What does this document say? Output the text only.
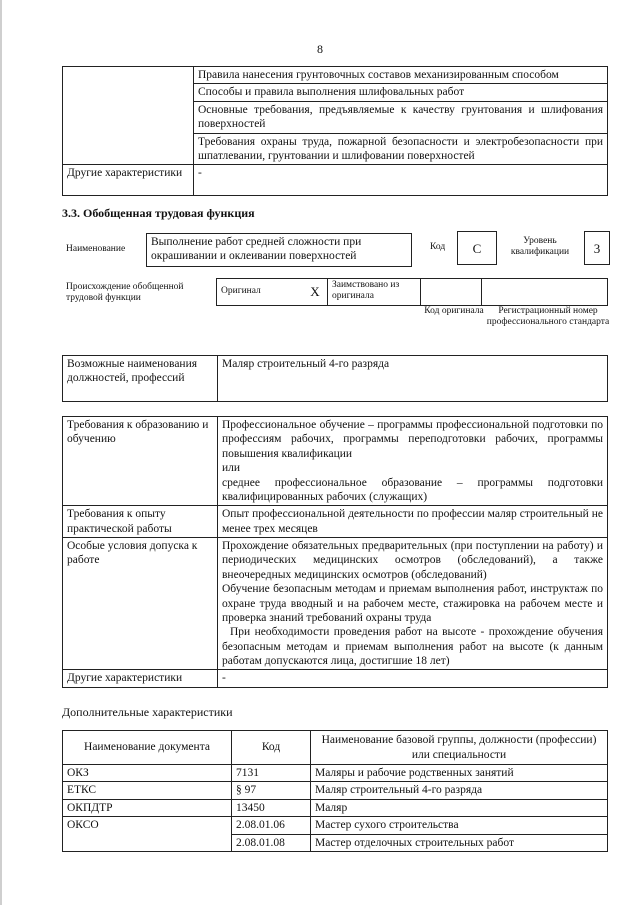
8
	Правила нанесения грунтовочных составов механизированным способом
	Способы и правила выполнения шлифовальных работ
	Основные требования, предъявляемые к качеству грунтования и шлифования поверхностей
	Требования охраны труда, пожарной безопасности и электробезопасности при шпатлевании, грунтовании и шлифовании поверхностей
Другие характеристики	-
3.3. Обобщенная трудовая функция
Наименование
Выполнение работ средней сложности при окрашивании и оклеивании поверхностей
Код	C	Уровень квалификации	3
Происхождение обобщенной трудовой функции
Оригинал	X	Заимствовано из оригинала		
Код оригинала	Регистрационный номер профессионального стандарта
Возможные наименования должностей, профессий	Маляр строительный 4-го разряда
Требования к образованию и обучению	Профессиональное обучение – программы профессиональной подготовки по профессиям рабочих, программы переподготовки рабочих, программы повышения квалификации
или
среднее профессиональное образование – программы подготовки квалифицированных рабочих (служащих)

Требования к опыту практической работы	Опыт профессиональной деятельности по профессии маляр строительный не менее трех месяцев
Особые условия допуска к работе	Прохождение обязательных предварительных (при поступлении на работу) и периодических медицинских осмотров (обследований), а также внеочередных медицинских осмотров (обследований)
Обучение безопасным методам и приемам выполнения работ, инструктаж по охране труда вводный и на рабочем месте, стажировка на рабочем месте и проверка знаний требований охраны труда
При необходимости проведения работ на высоте - прохождение обучения безопасным методам и приемам выполнения работ на высоте (к данным работам допускаются лица, достигшие 18 лет)

Другие характеристики	-
Дополнительные характеристики
Наименование документа	Код	Наименование базовой группы, должности (профессии) или специальности
ОКЗ	7131	Маляры и рабочие родственных занятий
ЕТКС	§ 97	Маляр строительный 4-го разряда
ОКПДТР	13450	Маляр
ОКСО	2.08.01.06	Мастер сухого строительства
	2.08.01.08	Мастер отделочных строительных работ
